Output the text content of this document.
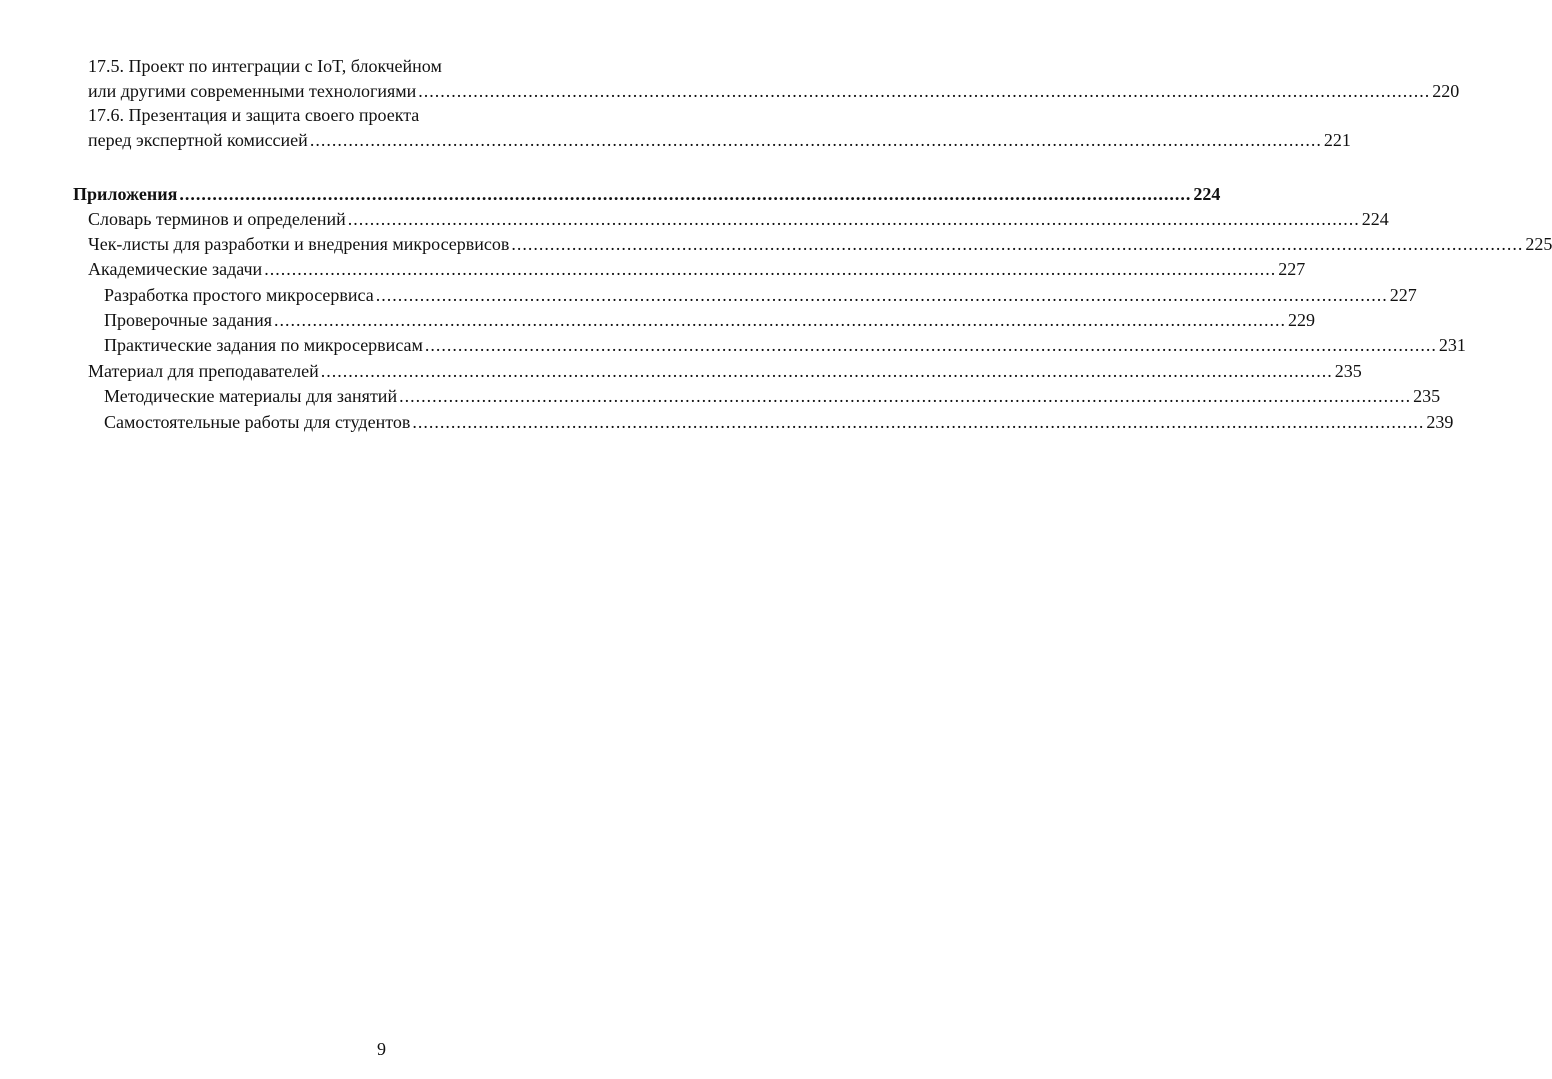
17.5. Проект по интеграции с IoT, блокчейном
или другими современными технологиями ........................................................................................................................................................................................ 220
17.6. Презентация и защита своего проекта
перед экспертной комиссией ........................................................................................................................................................................................ 221
Приложения ........................................................................................................................................................................................ 224
Словарь терминов и определений ........................................................................................................................................................................................ 224
Чек-листы для разработки и внедрения микросервисов ........................................................................................................................................................................................ 225
Академические задачи ........................................................................................................................................................................................ 227
Разработка простого микросервиса ........................................................................................................................................................................................ 227
Проверочные задания ........................................................................................................................................................................................ 229
Практические задания по микросервисам ........................................................................................................................................................................................ 231
Материал для преподавателей ........................................................................................................................................................................................ 235
Методические материалы для занятий ........................................................................................................................................................................................ 235
Самостоятельные работы для студентов ........................................................................................................................................................................................ 239
9
